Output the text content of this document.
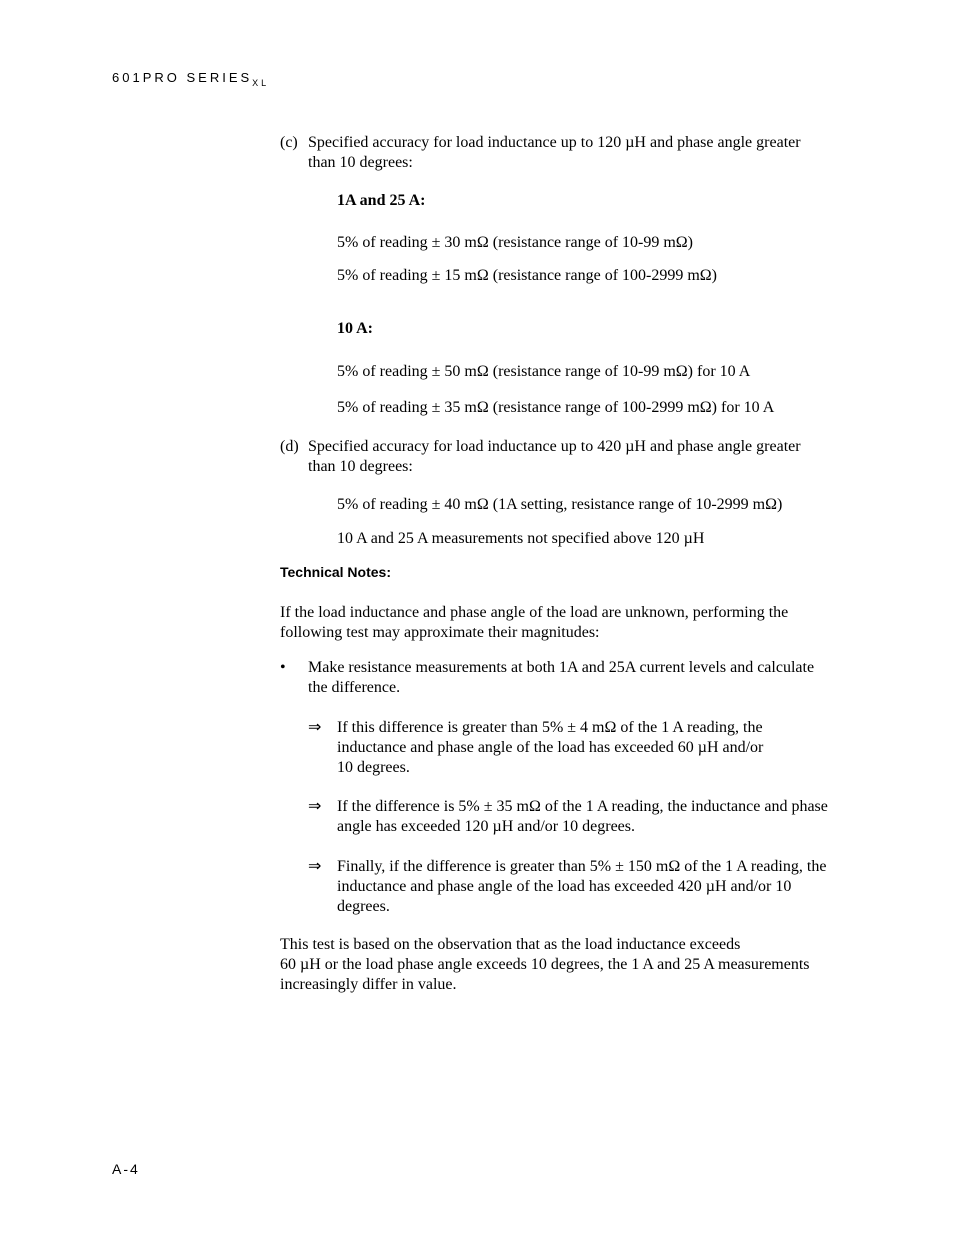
601PRO $SERIES_{XL}$
(c) Specified accuracy for load inductance up to 120 µH and phase angle greater
than 10 degrees:
1A and 25 A:
5% of reading ± 30 mΩ (resistance range of 10-99 mΩ)
5% of reading ± 15 mΩ (resistance range of 100-2999 mΩ)
10 A:
5% of reading ± 50 mΩ (resistance range of 10-99 mΩ) for 10 A
5% of reading ± 35 mΩ (resistance range of 100-2999 mΩ) for 10 A
(d) Specified accuracy for load inductance up to 420 µH and phase angle greater
than 10 degrees:
5% of reading ± 40 mΩ (1A setting, resistance range of 10-2999 mΩ)
10 A and 25 A measurements not specified above 120 µH
Technical Notes:
If the load inductance and phase angle of the load are unknown, performing the
following test may approximate their magnitudes:
• Make resistance measurements at both 1A and 25A current levels and calculate
the difference.
⇒ If this difference is greater than 5% ± 4 mΩ of the 1 A reading, the
inductance and phase angle of the load has exceeded 60 µH and/or
10 degrees.
⇒ If the difference is 5% ± 35 mΩ of the 1 A reading, the inductance and phase
angle has exceeded 120 µH and/or 10 degrees.
⇒ Finally, if the difference is greater than 5% ± 150 mΩ of the 1 A reading, the
inductance and phase angle of the load has exceeded 420 µH and/or 10
degrees.
This test is based on the observation that as the load inductance exceeds
60 µH or the load phase angle exceeds 10 degrees, the 1 A and 25 A measurements
increasingly differ in value.
A-4
